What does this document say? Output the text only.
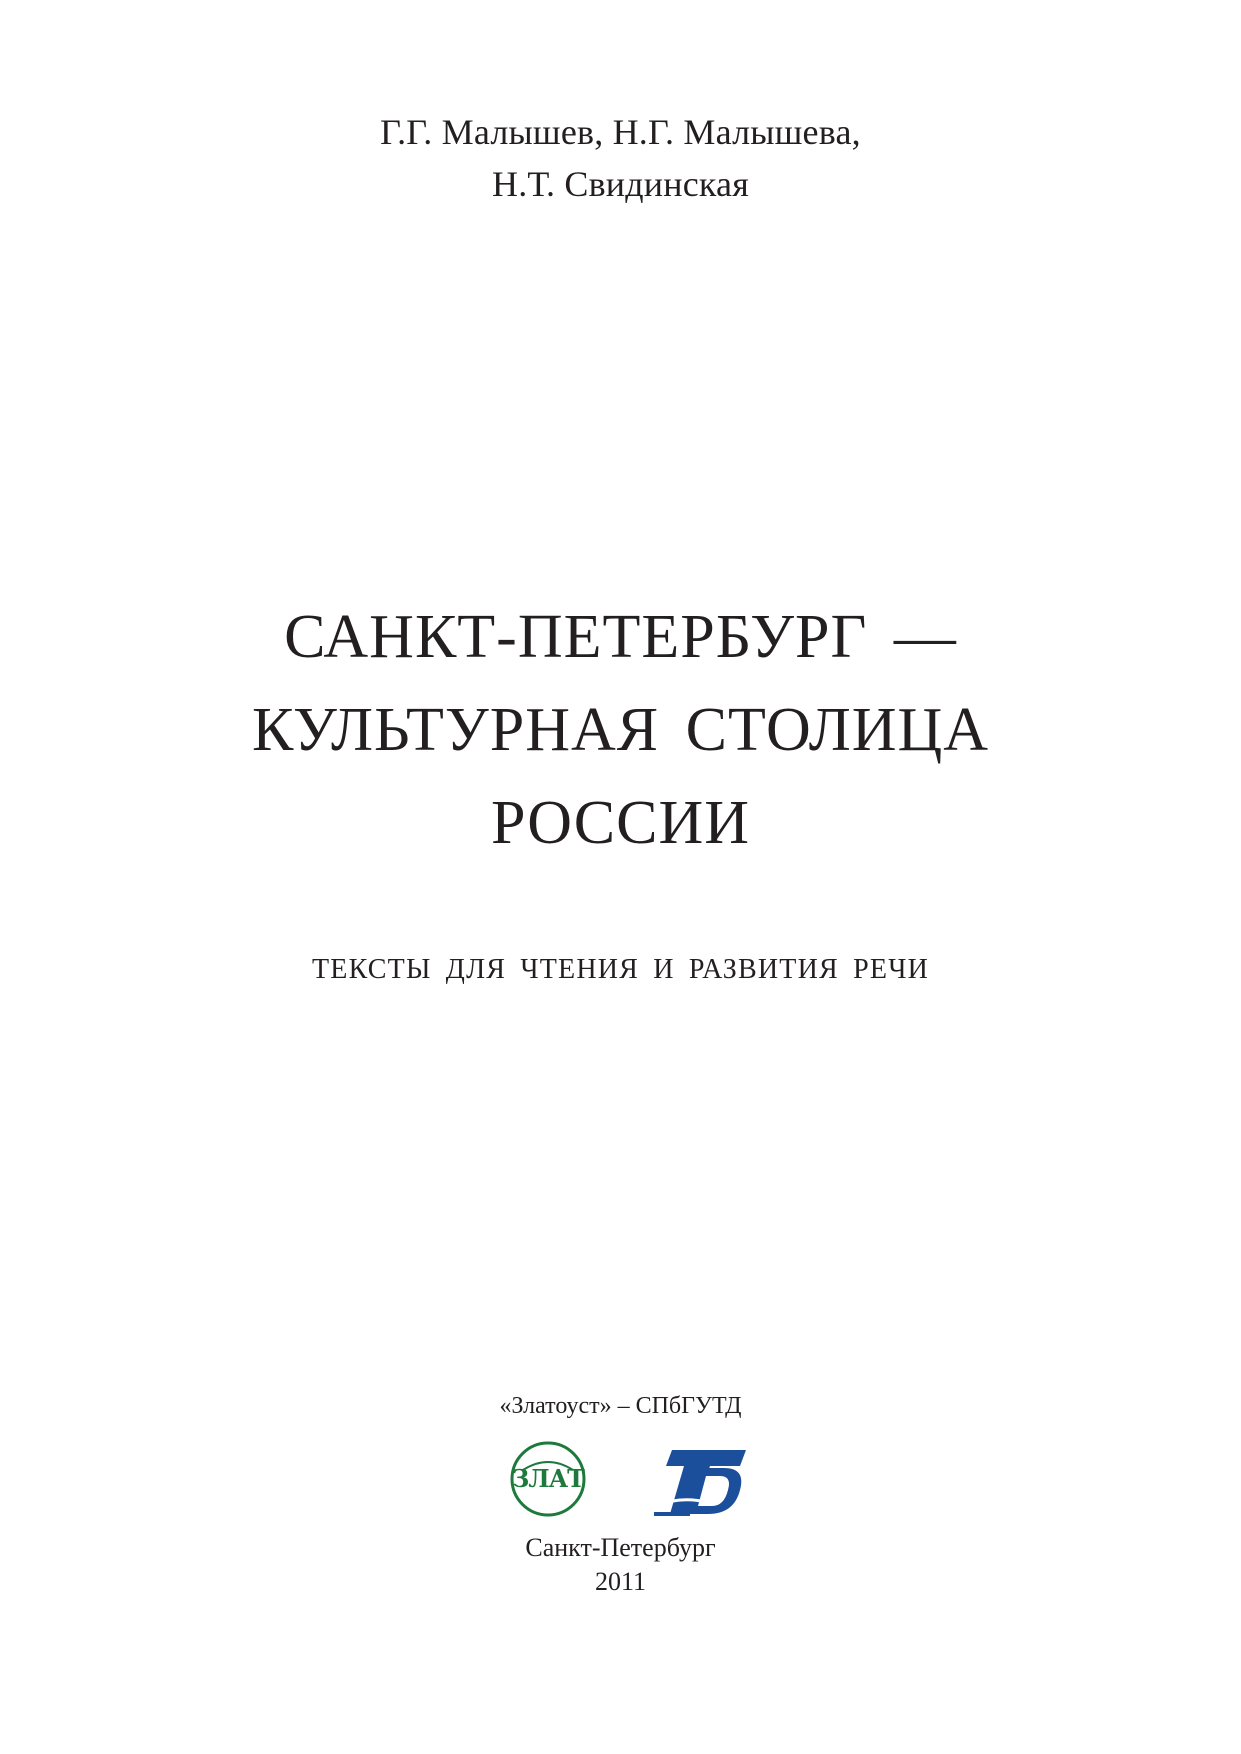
Г.Г. Малышев, Н.Г. Малышева,
Н.Т. Свидинская
САНКТ-ПЕТЕРБУРГ —
КУЛЬТУРНАЯ СТОЛИЦА
РОССИИ
ТЕКСТЫ ДЛЯ ЧТЕНИЯ И РАЗВИТИЯ РЕЧИ
«Златоуст» – СПбГУТД
ЗЛАТ
ТД
Санкт-Петербург
2011
